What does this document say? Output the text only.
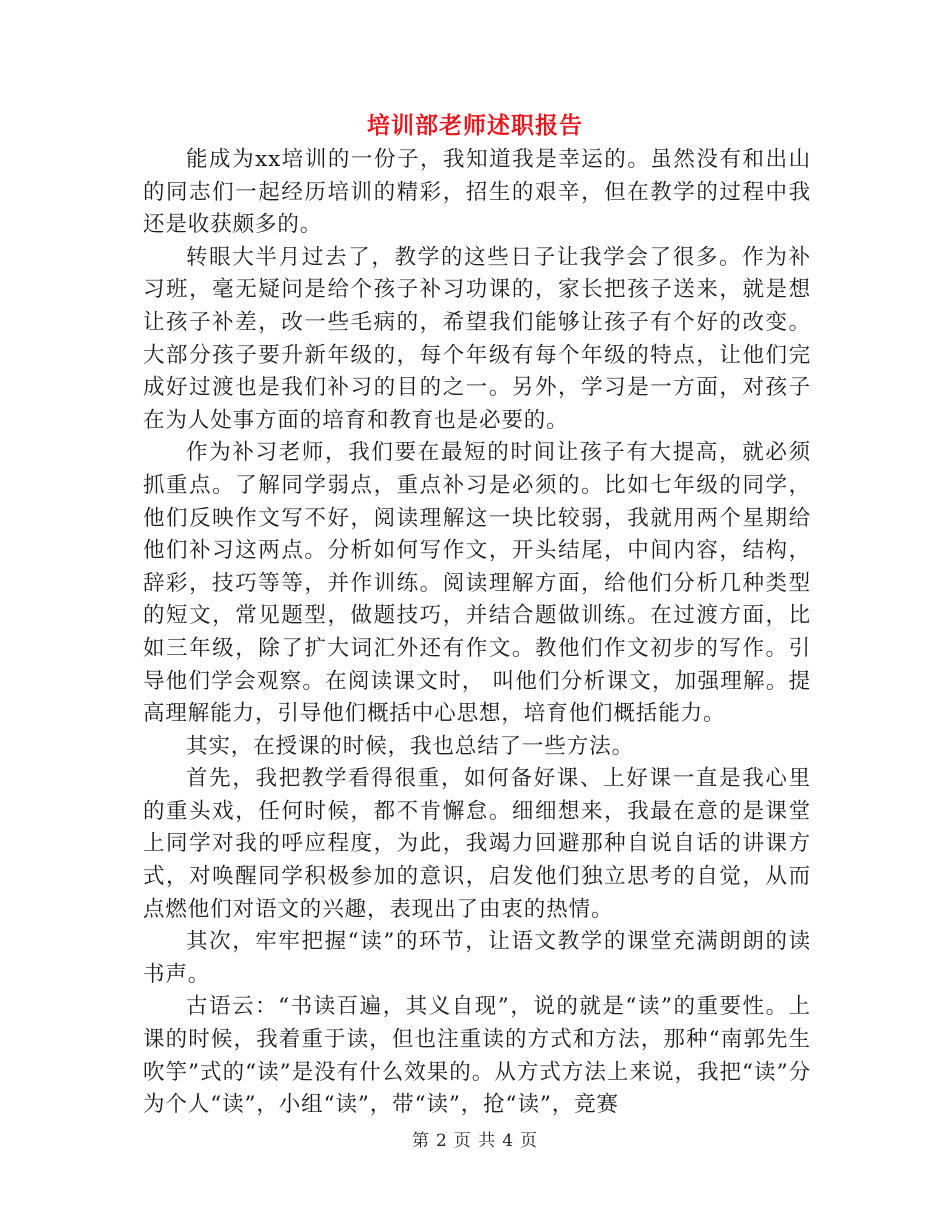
培训部老师述职报告

能成为xx培训的一份子，我知道我是幸运的。虽然没有和出山的同志们一起经历培训的精彩，招生的艰辛，但在教学的过程中我还是收获颇多的。

转眼大半月过去了，教学的这些日子让我学会了很多。作为补习班，毫无疑问是给个孩子补习功课的，家长把孩子送来，就是想让孩子补差，改一些毛病的，希望我们能够让孩子有个好的改变。大部分孩子要升新年级的，每个年级有每个年级的特点，让他们完成好过渡也是我们补习的目的之一。另外，学习是一方面，对孩子在为人处事方面的培育和教育也是必要的。

作为补习老师，我们要在最短的时间让孩子有大提高，就必须抓重点。了解同学弱点，重点补习是必须的。比如七年级的同学，他们反映作文写不好，阅读理解这一块比较弱，我就用两个星期给他们补习这两点。分析如何写作文，开头结尾，中间内容，结构，辞彩，技巧等等，并作训练。阅读理解方面，给他们分析几种类型的短文，常见题型，做题技巧，并结合题做训练。在过渡方面，比如三年级，除了扩大词汇外还有作文。教他们作文初步的写作。引导他们学会观察。在阅读课文时， 叫他们分析课文，加强理解。提高理解能力，引导他们概括中心思想，培育他们概括能力。

其实，在授课的时候，我也总结了一些方法。

首先，我把教学看得很重，如何备好课、上好课一直是我心里的重头戏，任何时候，都不肯懈怠。细细想来，我最在意的是课堂上同学对我的呼应程度，为此，我竭力回避那种自说自话的讲课方式，对唤醒同学积极参加的意识，启发他们独立思考的自觉，从而点燃他们对语文的兴趣，表现出了由衷的热情。

其次，牢牢把握“读”的环节，让语文教学的课堂充满朗朗的读书声。

古语云：“书读百遍，其义自现”，说的就是“读”的重要性。上课的时候，我着重于读，但也注重读的方式和方法，那种“南郭先生吹竽”式的“读”是没有什么效果的。从方式方法上来说，我把“读”分为个人“读”，小组“读”，带“读”，抢“读”，竞赛

第 2 页 共 4 页
